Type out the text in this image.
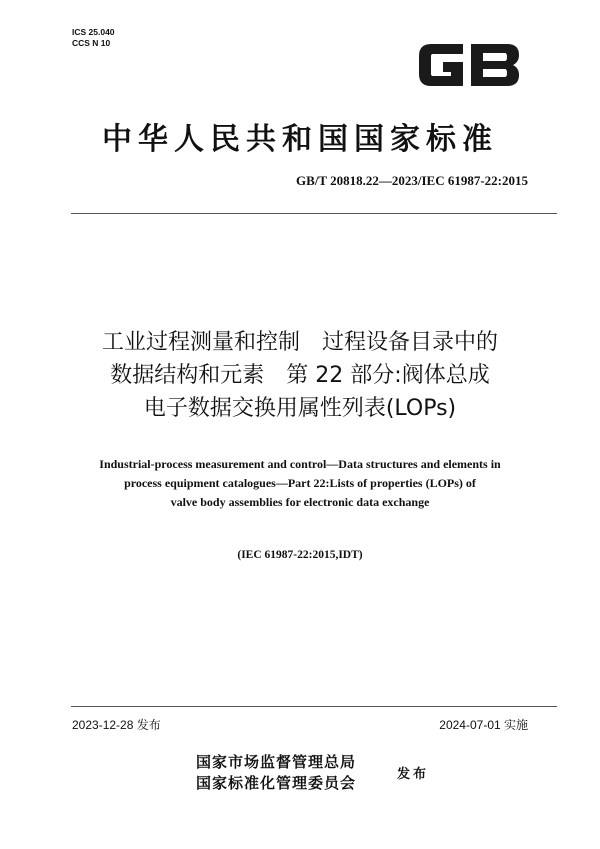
ICS 25.040
CCS N 10
中华人民共和国国家标准
GB/T 20818.22—2023/IEC 61987-22:2015
工业过程测量和控制　过程设备目录中的
数据结构和元素　第 22 部分:阀体总成
电子数据交换用属性列表(LOPs)
Industrial-process measurement and control—Data structures and elements in
process equipment catalogues—Part 22:Lists of properties (LOPs) of
valve body assemblies for electronic data exchange
(IEC 61987-22:2015,IDT)
2023-12-28 发布	2024-07-01 实施
国家市场监督管理总局
国家标准化管理委员会	发布
